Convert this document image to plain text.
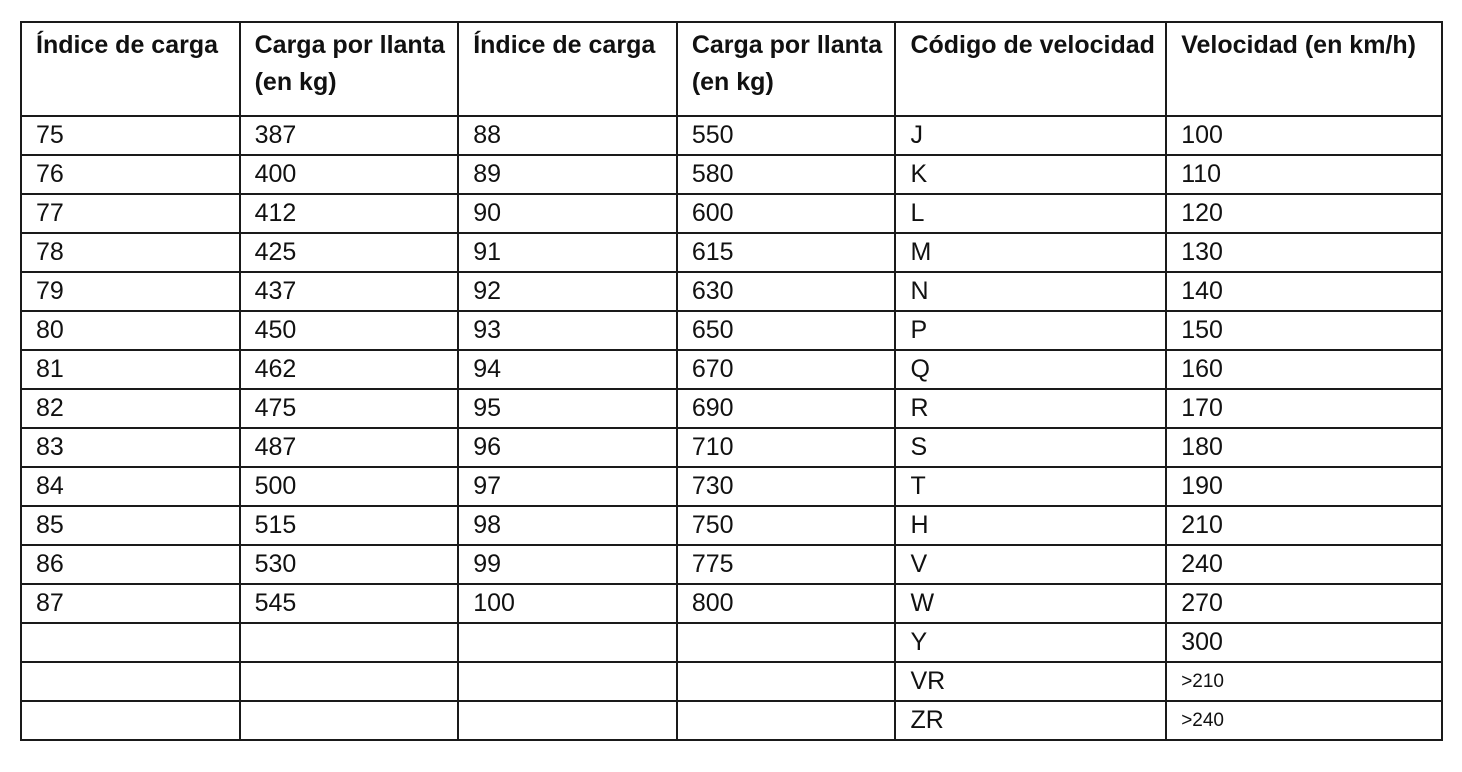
Índice de carga	Carga por llanta (en kg)	Índice de carga	Carga por llanta (en kg)	Código de velocidad	Velocidad (en km/h)
75	387	88	550	J	100
76	400	89	580	K	110
77	412	90	600	L	120
78	425	91	615	M	130
79	437	92	630	N	140
80	450	93	650	P	150
81	462	94	670	Q	160
82	475	95	690	R	170
83	487	96	710	S	180
84	500	97	730	T	190
85	515	98	750	H	210
86	530	99	775	V	240
87	545	100	800	W	270
				Y	300
				VR	>210
				ZR	>240
